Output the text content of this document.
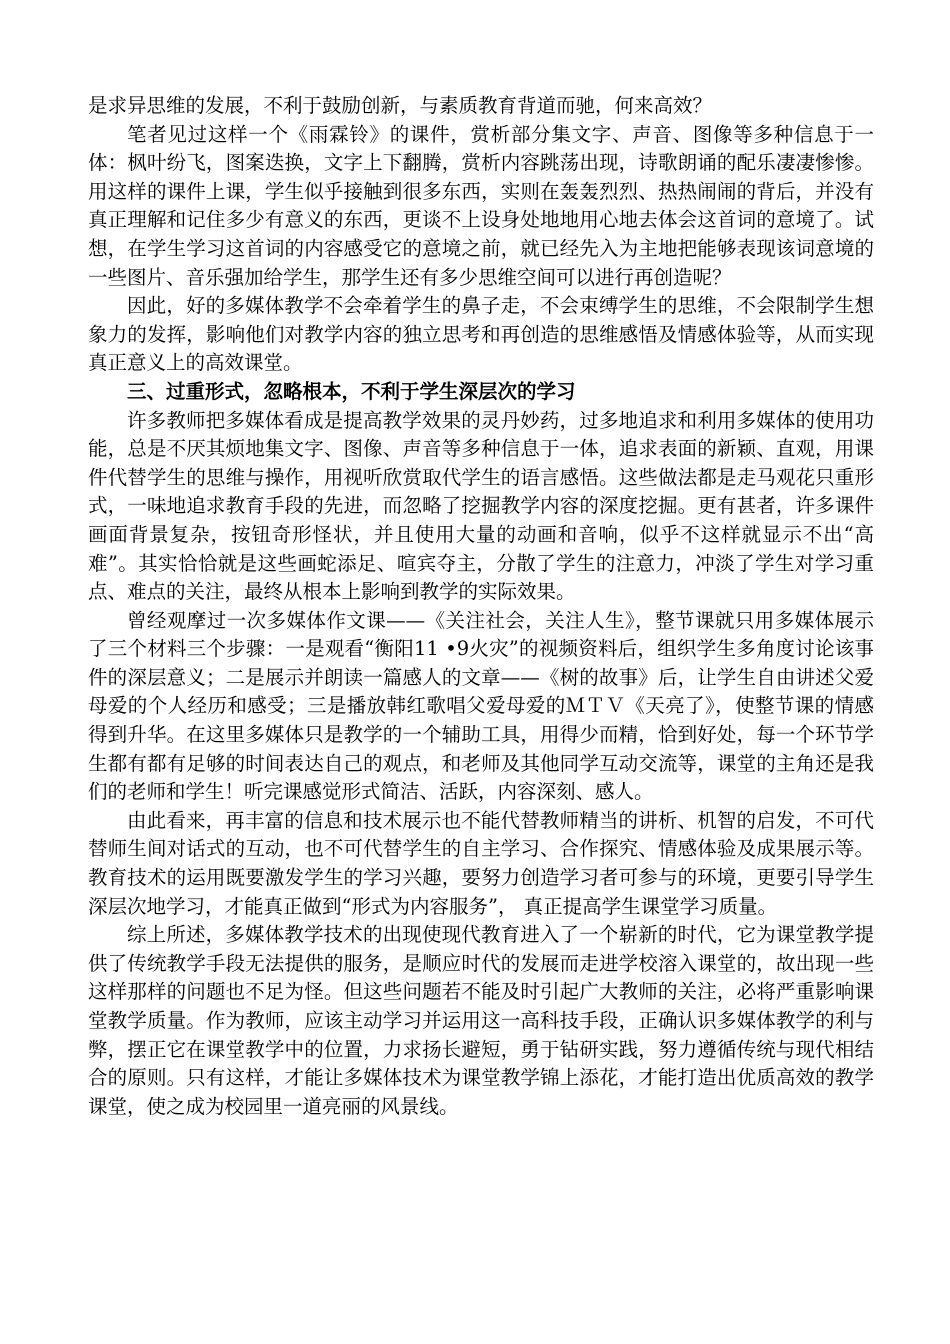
是求异思维的发展，不利于鼓励创新，与素质教育背道而驰，何来高效？

笔者见过这样一个《雨霖铃》的课件，赏析部分集文字、声音、图像等多种信息于一体：枫叶纷飞，图案迭换，文字上下翻腾，赏析内容跳荡出现，诗歌朗诵的配乐凄凄惨惨。用这样的课件上课，学生似乎接触到很多东西，实则在轰轰烈烈、热热闹闹的背后，并没有真正理解和记住多少有意义的东西，更谈不上设身处地地用心地去体会这首词的意境了。试想，在学生学习这首词的内容感受它的意境之前，就已经先入为主地把能够表现该词意境的一些图片、音乐强加给学生，那学生还有多少思维空间可以进行再创造呢？

因此，好的多媒体教学不会牵着学生的鼻子走，不会束缚学生的思维，不会限制学生想象力的发挥，影响他们对教学内容的独立思考和再创造的思维感悟及情感体验等，从而实现真正意义上的高效课堂。

三、过重形式，忽略根本，不利于学生深层次的学习

许多教师把多媒体看成是提高教学效果的灵丹妙药，过多地追求和利用多媒体的使用功能，总是不厌其烦地集文字、图像、声音等多种信息于一体，追求表面的新颖、直观，用课件代替学生的思维与操作，用视听欣赏取代学生的语言感悟。这些做法都是走马观花只重形式，一味地追求教育手段的先进，而忽略了挖掘教学内容的深度挖掘。更有甚者，许多课件画面背景复杂，按钮奇形怪状，并且使用大量的动画和音响，似乎不这样就显示不出“高难”。其实恰恰就是这些画蛇添足、喧宾夺主，分散了学生的注意力，冲淡了学生对学习重点、难点的关注，最终从根本上影响到教学的实际效果。

曾经观摩过一次多媒体作文课——《关注社会，关注人生》，整节课就只用多媒体展示了三个材料三个步骤：一是观看“衡阳11 •9火灾”的视频资料后，组织学生多角度讨论该事件的深层意义；二是展示并朗读一篇感人的文章——《树的故事》后，让学生自由讲述父爱母爱的个人经历和感受；三是播放韩红歌唱父爱母爱的ＭＴＶ《天亮了》，使整节课的情感得到升华。在这里多媒体只是教学的一个辅助工具，用得少而精，恰到好处，每一个环节学生都有都有足够的时间表达自己的观点，和老师及其他同学互动交流等，课堂的主角还是我们的老师和学生！听完课感觉形式简洁、活跃，内容深刻、感人。

由此看来，再丰富的信息和技术展示也不能代替教师精当的讲析、机智的启发，不可代替师生间对话式的互动，也不可代替学生的自主学习、合作探究、情感体验及成果展示等。教育技术的运用既要激发学生的学习兴趣，要努力创造学习者可参与的环境，更要引导学生深层次地学习，才能真正做到“形式为内容服务”， 真正提高学生课堂学习质量。

综上所述，多媒体教学技术的出现使现代教育进入了一个崭新的时代，它为课堂教学提供了传统教学手段无法提供的服务，是顺应时代的发展而走进学校溶入课堂的，故出现一些这样那样的问题也不足为怪。但这些问题若不能及时引起广大教师的关注，必将严重影响课堂教学质量。作为教师，应该主动学习并运用这一高科技手段，正确认识多媒体教学的利与弊，摆正它在课堂教学中的位置，力求扬长避短，勇于钻研实践，努力遵循传统与现代相结合的原则。只有这样，才能让多媒体技术为课堂教学锦上添花，才能打造出优质高效的教学课堂，使之成为校园里一道亮丽的风景线。
